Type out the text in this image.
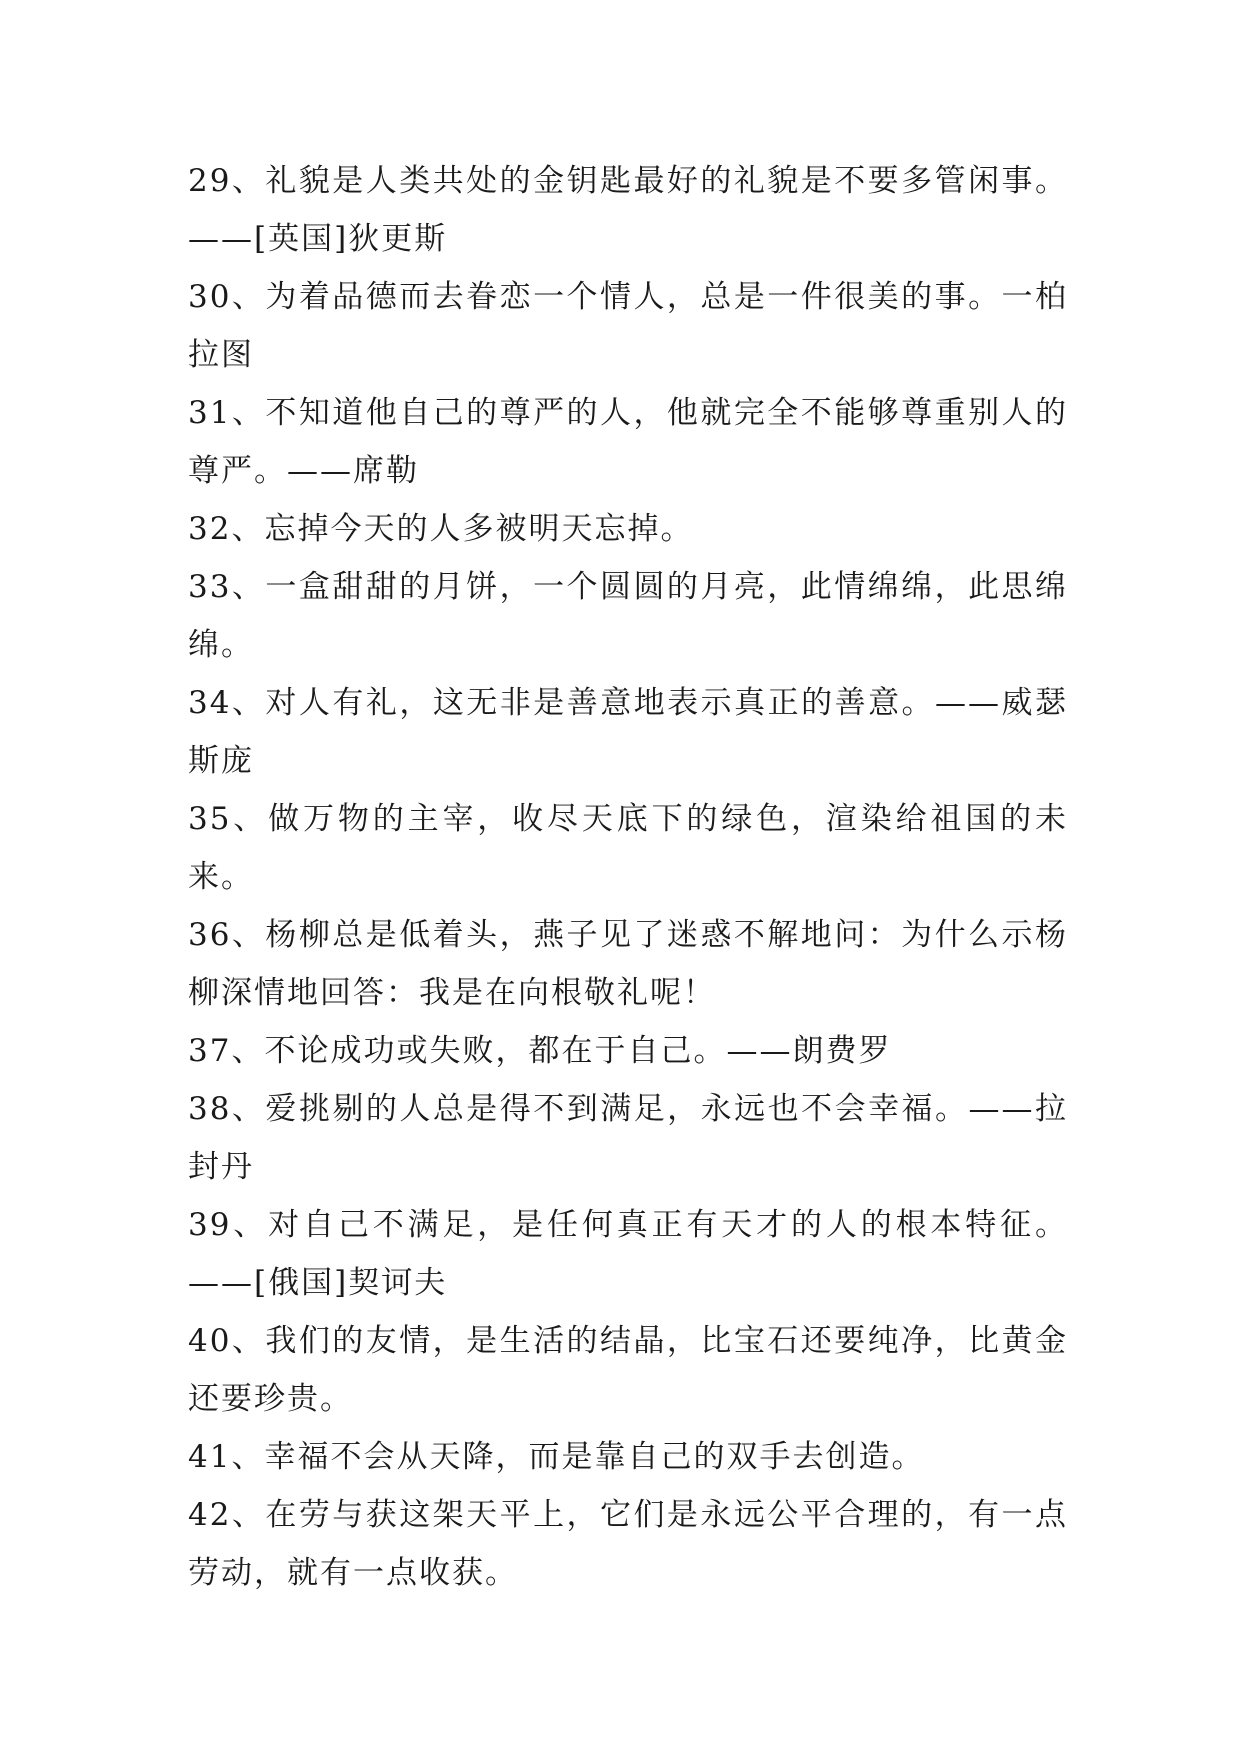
29、礼貌是人类共处的金钥匙最好的礼貌是不要多管闲事。——[英国]狄更斯

30、为着品德而去眷恋一个情人，总是一件很美的事。一柏拉图

31、不知道他自己的尊严的人，他就完全不能够尊重别人的尊严。——席勒

32、忘掉今天的人多被明天忘掉。

33、一盒甜甜的月饼，一个圆圆的月亮，此情绵绵，此思绵绵。

34、对人有礼，这无非是善意地表示真正的善意。——威瑟斯庞

35、做万物的主宰，收尽天底下的绿色，渲染给祖国的未来。

36、杨柳总是低着头，燕子见了迷惑不解地问：为什么示杨柳深情地回答：我是在向根敬礼呢！

37、不论成功或失败，都在于自己。——朗费罗

38、爱挑剔的人总是得不到满足，永远也不会幸福。——拉封丹

39、对自己不满足，是任何真正有天才的人的根本特征。——[俄国]契诃夫

40、我们的友情，是生活的结晶，比宝石还要纯净，比黄金还要珍贵。

41、幸福不会从天降，而是靠自己的双手去创造。

42、在劳与获这架天平上，它们是永远公平合理的，有一点劳动，就有一点收获。
